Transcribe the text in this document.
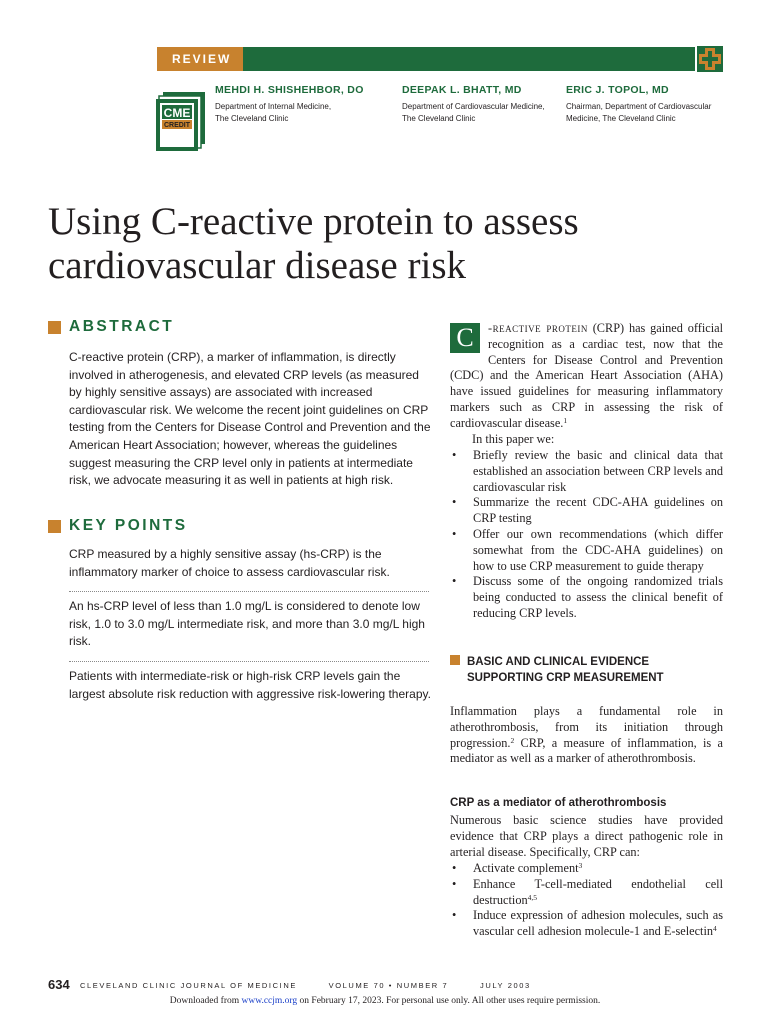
REVIEW
CME
CREDIT
MEHDI H. SHISHEHBOR, DO
Department of Internal Medicine,
The Cleveland Clinic
DEEPAK L. BHATT, MD
Department of Cardiovascular Medicine,
The Cleveland Clinic
ERIC J. TOPOL, MD
Chairman, Department of Cardiovascular
Medicine, The Cleveland Clinic
Using C-reactive protein to assess
cardiovascular disease risk
ABSTRACT
C-reactive protein (CRP), a marker of inflammation, is directly involved in atherogenesis, and elevated CRP levels (as measured by highly sensitive assays) are associated with increased cardiovascular risk. We welcome the recent joint guidelines on CRP testing from the Centers for Disease Control and Prevention and the American Heart Association; however, whereas the guidelines suggest measuring the CRP level only in patients at intermediate risk, we advocate measuring it as well in patients at high risk.
KEY POINTS
CRP measured by a highly sensitive assay (hs-CRP) is the inflammatory marker of choice to assess cardiovascular risk.
An hs-CRP level of less than 1.0 mg/L is considered to denote low risk, 1.0 to 3.0 mg/L intermediate risk, and more than 3.0 mg/L high risk.
Patients with intermediate-risk or high-risk CRP levels gain the largest absolute risk reduction with aggressive risk-lowering therapy.
C	-reactive protein (CRP) has gained official recognition as a cardiac test, now that the Centers for Disease Control and Prevention (CDC) and the American Heart Association (AHA) have issued guidelines for measuring inflammatory markers such as CRP in assessing the risk of cardiovascular disease.$^1$
In this paper we:
• Briefly review the basic and clinical data that established an association between CRP levels and cardiovascular risk
• Summarize the recent CDC-AHA guidelines on CRP testing
• Offer our own recommendations (which differ somewhat from the CDC-AHA guidelines) on how to use CRP measurement to guide therapy
• Discuss some of the ongoing randomized trials being conducted to assess the clinical benefit of reducing CRP levels.
BASIC AND CLINICAL EVIDENCE
SUPPORTING CRP MEASUREMENT
Inflammation plays a fundamental role in atherothrombosis, from its initiation through progression.$^2$ CRP, a measure of inflammation, is a mediator as well as a marker of atherothrombosis.
CRP as a mediator of atherothrombosis
Numerous basic science studies have provided evidence that CRP plays a direct pathogenic role in arterial disease. Specifically, CRP can:
• Activate complement$^3$
• Enhance T-cell-mediated endothelial cell destruction$^{4,5}$
• Induce expression of adhesion molecules, such as vascular cell adhesion molecule-1 and E-selectin$^4$
634 CLEVELAND CLINIC JOURNAL OF MEDICINE	VOLUME 70 • NUMBER 7	JULY 2003
Downloaded from www.ccjm.org on February 17, 2023. For personal use only. All other uses require permission.
